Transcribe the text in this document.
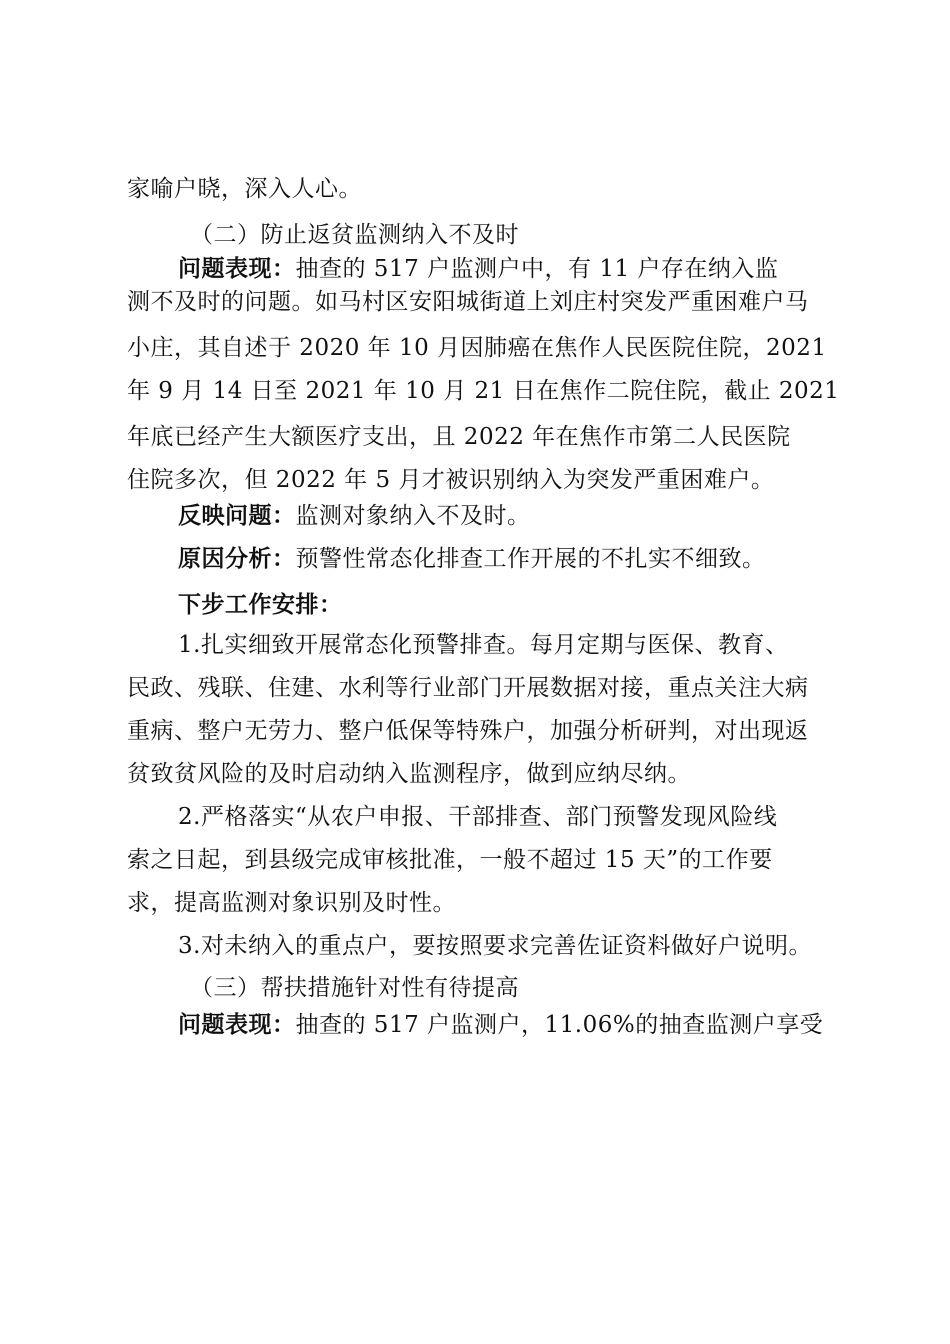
家喻户晓，深入人心。
（二）防止返贫监测纳入不及时
问题表现：抽查的 517 户监测户中，有 11 户存在纳入监
测不及时的问题。如马村区安阳城街道上刘庄村突发严重困难户马
小庄，其自述于 2020 年 10 月因肺癌在焦作人民医院住院，2021
年 9 月 14 日至 2021 年 10 月 21 日在焦作二院住院，截止 2021
年底已经产生大额医疗支出，且 2022 年在焦作市第二人民医院
住院多次，但 2022 年 5 月才被识别纳入为突发严重困难户。
反映问题：监测对象纳入不及时。
原因分析：预警性常态化排查工作开展的不扎实不细致。
下步工作安排：
1.扎实细致开展常态化预警排查。每月定期与医保、教育、
民政、残联、住建、水利等行业部门开展数据对接，重点关注大病
重病、整户无劳力、整户低保等特殊户，加强分析研判，对出现返
贫致贫风险的及时启动纳入监测程序，做到应纳尽纳。
2.严格落实“从农户申报、干部排查、部门预警发现风险线
索之日起，到县级完成审核批准，一般不超过 15 天”的工作要
求，提高监测对象识别及时性。
3.对未纳入的重点户，要按照要求完善佐证资料做好户说明。
（三）帮扶措施针对性有待提高
问题表现：抽查的 517 户监测户，11.06%的抽查监测户享受
